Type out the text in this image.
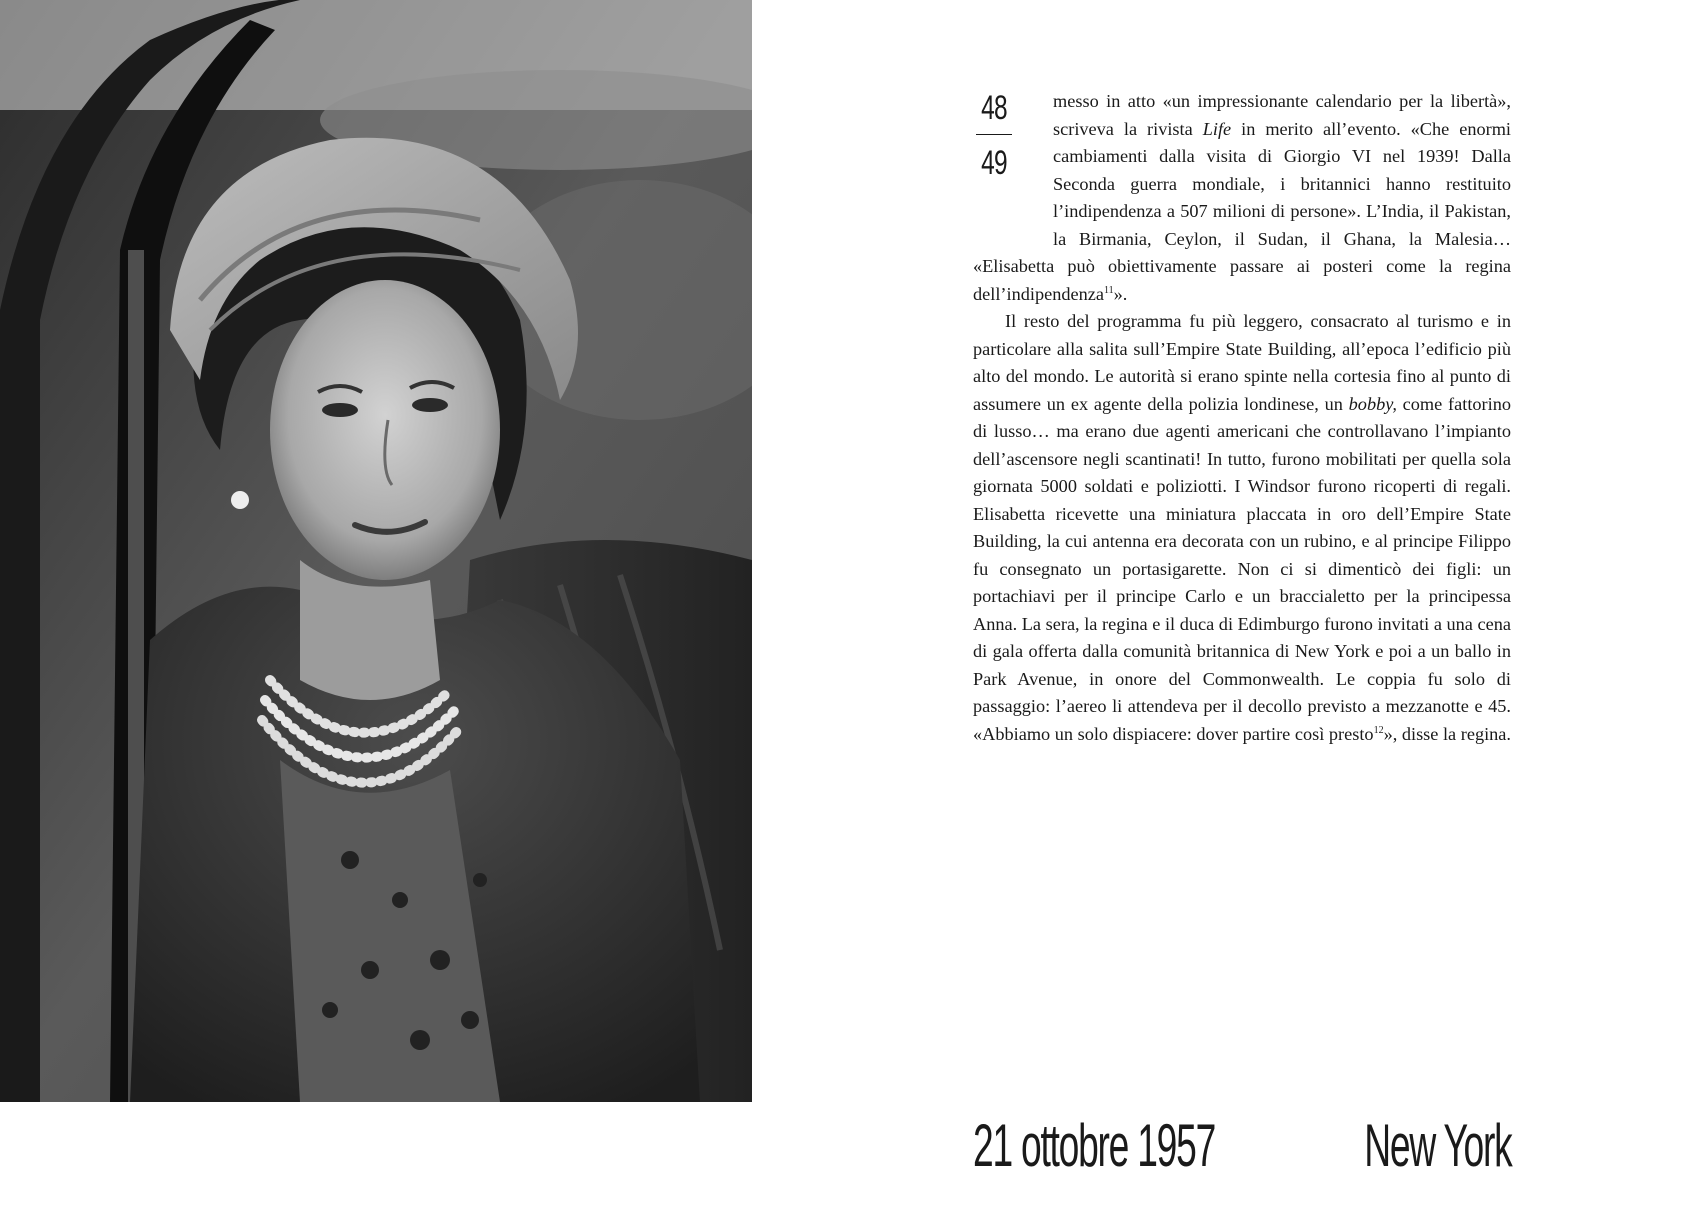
48
49

messo in atto «un impressionante calendario per la libertà», scriveva la rivista Life in merito all’evento. «Che enormi cambiamenti dalla visita di Giorgio VI nel 1939! Dalla Seconda guerra mondiale, i britannici hanno restituito l’indipendenza a 507 milioni di persone». L’India, il Pakistan, la Birmania, Ceylon, il Sudan, il Ghana, la Malesia… «Elisabetta può obiettivamente passare ai posteri come la regina dell’indipendenza$^{11}$».

Il resto del programma fu più leggero, consacrato al turismo e in particolare alla salita sull’Empire State Building, all’epoca l’edificio più alto del mondo. Le autorità si erano spinte nella cortesia fino al punto di assumere un ex agente della polizia londinese, un bobby, come fattorino di lusso… ma erano due agenti americani che controllavano l’impianto dell’ascensore negli scantinati! In tutto, furono mobilitati per quella sola giornata 5000 soldati e poliziotti. I Windsor furono ricoperti di regali. Elisabetta ricevette una miniatura placcata in oro dell’Empire State Building, la cui antenna era decorata con un rubino, e al principe Filippo fu consegnato un portasigarette. Non ci si dimenticò dei figli: un portachiavi per il principe Carlo e un braccialetto per la principessa Anna. La sera, la regina e il duca di Edimburgo furono invitati a una cena di gala offerta dalla comunità britannica di New York e poi a un ballo in Park Avenue, in onore del Commonwealth. Le coppia fu solo di passaggio: l’aereo li attendeva per il decollo previsto a mezzanotte e 45. «Abbiamo un solo dispiacere: dover partire così presto$^{12}$», disse la regina.

21 ottobre 1957 New York
